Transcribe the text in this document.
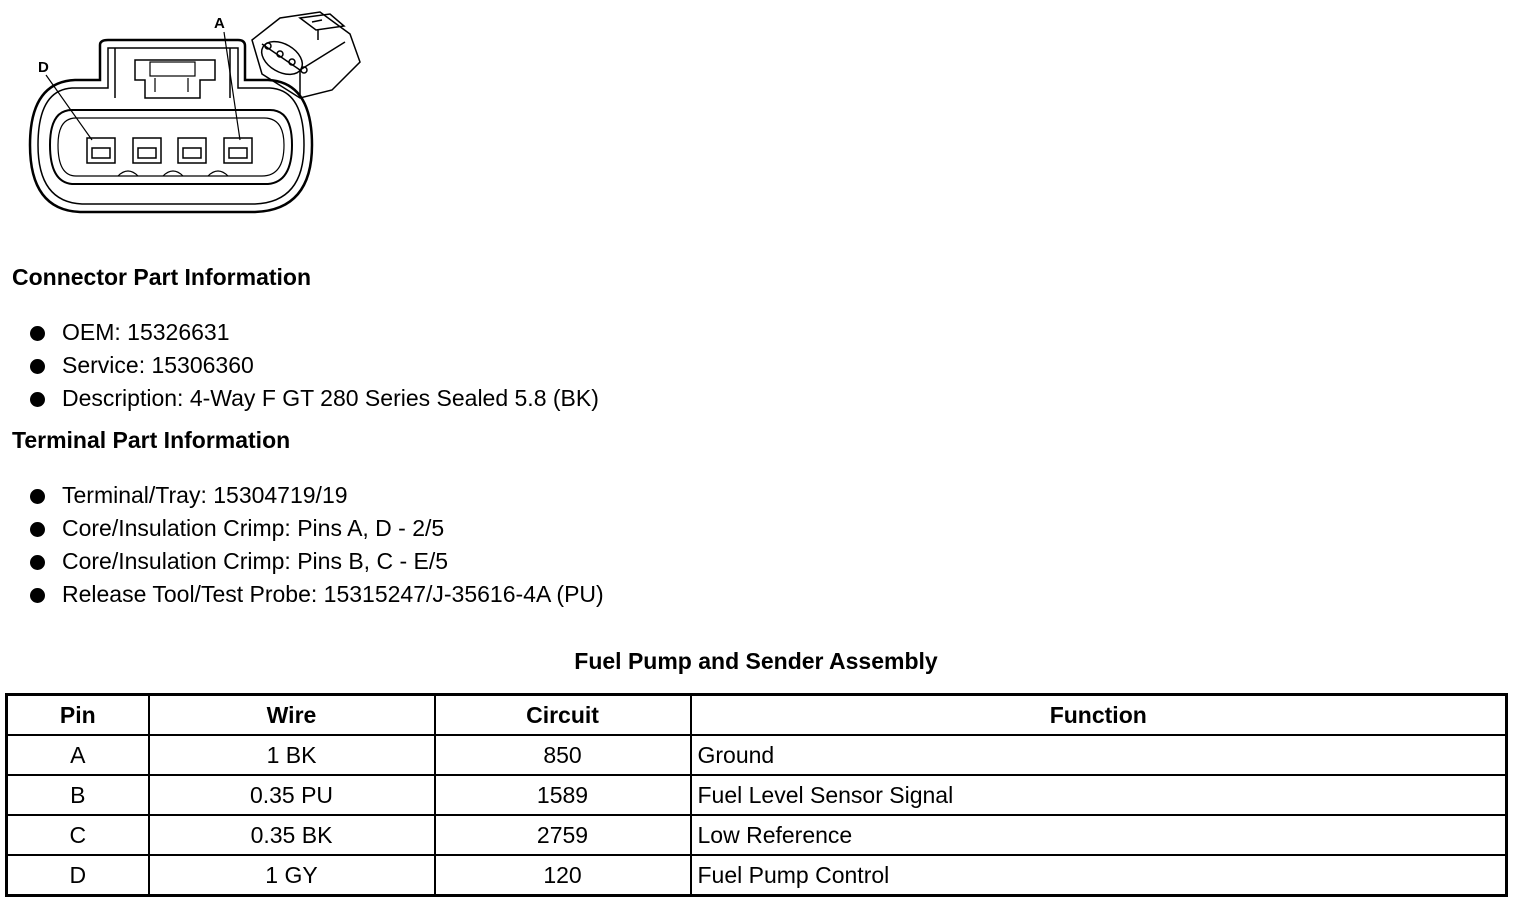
D
A
Connector Part Information
OEM: 15326631
Service: 15306360
Description: 4-Way F GT 280 Series Sealed 5.8 (BK)
Terminal Part Information
Terminal/Tray: 15304719/19
Core/Insulation Crimp: Pins A, D - 2/5
Core/Insulation Crimp: Pins B, C - E/5
Release Tool/Test Probe: 15315247/J-35616-4A (PU)
Fuel Pump and Sender Assembly
Pin	Wire	Circuit	Function
A	1 BK	850	Ground
B	0.35 PU	1589	Fuel Level Sensor Signal
C	0.35 BK	2759	Low Reference
D	1 GY	120	Fuel Pump Control
